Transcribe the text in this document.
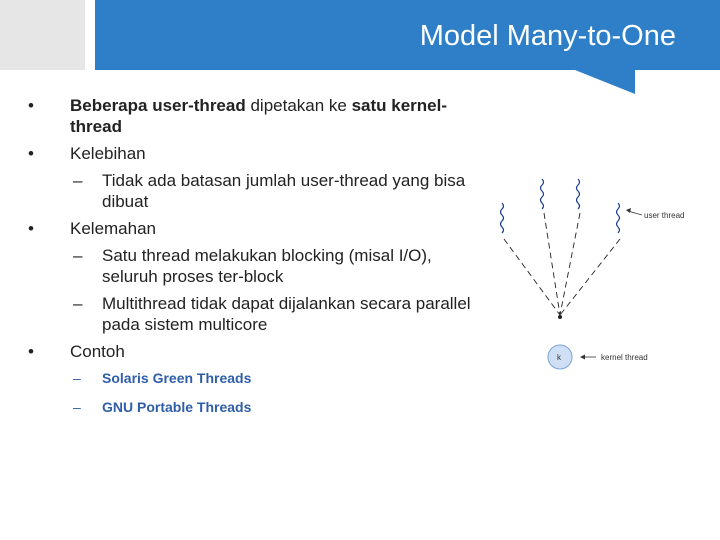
Model Many-to-One
•	Beberapa user-thread dipetakan ke satu kernel-thread
•	Kelebihan
– Tidak ada batasan jumlah user-thread yang bisa dibuat
•	Kelemahan
– Satu thread melakukan blocking (misal I/O), seluruh proses ter-block
– Multithread tidak dapat dijalankan secara parallel pada sistem multicore
•	Contoh
– Solaris Green Threads
– GNU Portable Threads
user thread
k	kernel thread
